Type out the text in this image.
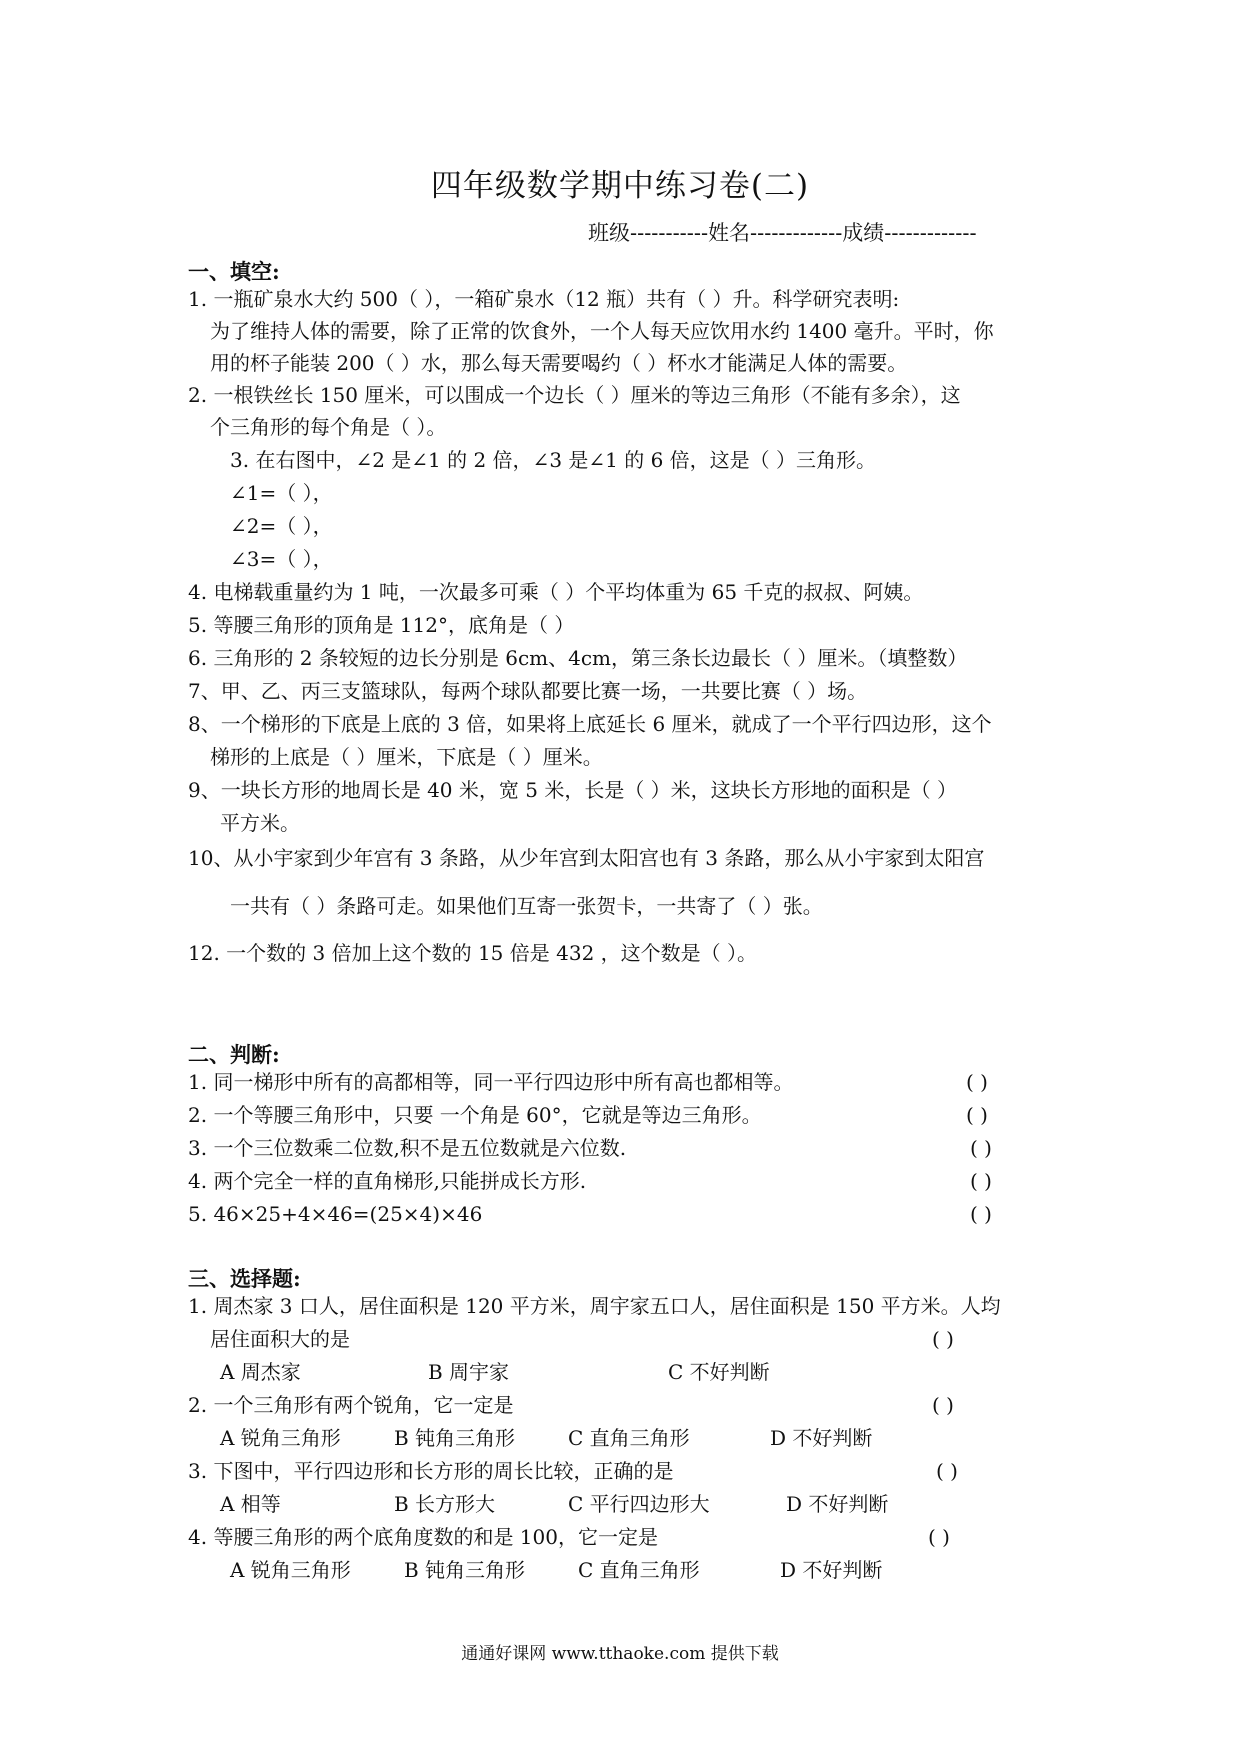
四年级数学期中练习卷(二)
班级-----------姓名-------------成绩-------------
一、填空:
1. 一瓶矿泉水大约 500（ ），一箱矿泉水（12 瓶）共有（ ）升。科学研究表明:
为了维持人体的需要，除了正常的饮食外，一个人每天应饮用水约 1400 毫升。平时，你
用的杯子能装 200（ ）水，那么每天需要喝约（ ）杯水才能满足人体的需要。
2. 一根铁丝长 150 厘米，可以围成一个边长（ ）厘米的等边三角形（不能有多余），这
个三角形的每个角是（ ）。
3. 在右图中，∠2 是∠1 的 2 倍，∠3 是∠1 的 6 倍，这是（ ）三角形。
∠1=（ ），
∠2=（ ），
∠3=（ ），
4. 电梯载重量约为 1 吨，一次最多可乘（ ）个平均体重为 65 千克的叔叔、阿姨。
5. 等腰三角形的顶角是 112°，底角是（ ）
6. 三角形的 2 条较短的边长分别是 6cm、4cm，第三条长边最长（ ）厘米。（填整数）
7、甲、乙、丙三支篮球队，每两个球队都要比赛一场，一共要比赛（ ）场。
8、一个梯形的下底是上底的 3 倍，如果将上底延长 6 厘米，就成了一个平行四边形，这个
梯形的上底是（ ）厘米，下底是（ ）厘米。
9、一块长方形的地周长是 40 米，宽 5 米，长是（ ）米，这块长方形地的面积是（ ）
平方米。
10、从小宇家到少年宫有 3 条路，从少年宫到太阳宫也有 3 条路，那么从小宇家到太阳宫
一共有（ ）条路可走。如果他们互寄一张贺卡，一共寄了（ ）张。
12. 一个数的 3 倍加上这个数的 15 倍是 432 ，这个数是（ ）。
二、判断:
1. 同一梯形中所有的高都相等，同一平行四边形中所有高也都相等。	( )
2. 一个等腰三角形中，只要 一个角是 60°，它就是等边三角形。	( )
3. 一个三位数乘二位数,积不是五位数就是六位数.	( )
4. 两个完全一样的直角梯形,只能拼成长方形.	( )
5. 46×25+4×46=(25×4)×46	( )
三、选择题:
1. 周杰家 3 口人，居住面积是 120 平方米，周宇家五口人，居住面积是 150 平方米。人均
居住面积大的是	( )
A 周杰家	B 周宇家	C 不好判断
2. 一个三角形有两个锐角，它一定是	( )
A 锐角三角形	B 钝角三角形	C 直角三角形	D 不好判断
3. 下图中，平行四边形和长方形的周长比较，正确的是	( )
A 相等	B 长方形大	C 平行四边形大	D 不好判断
4. 等腰三角形的两个底角度数的和是 100，它一定是	( )
A 锐角三角形	B 钝角三角形	C 直角三角形	D 不好判断
通通好课网 www.tthaoke.com 提供下载
